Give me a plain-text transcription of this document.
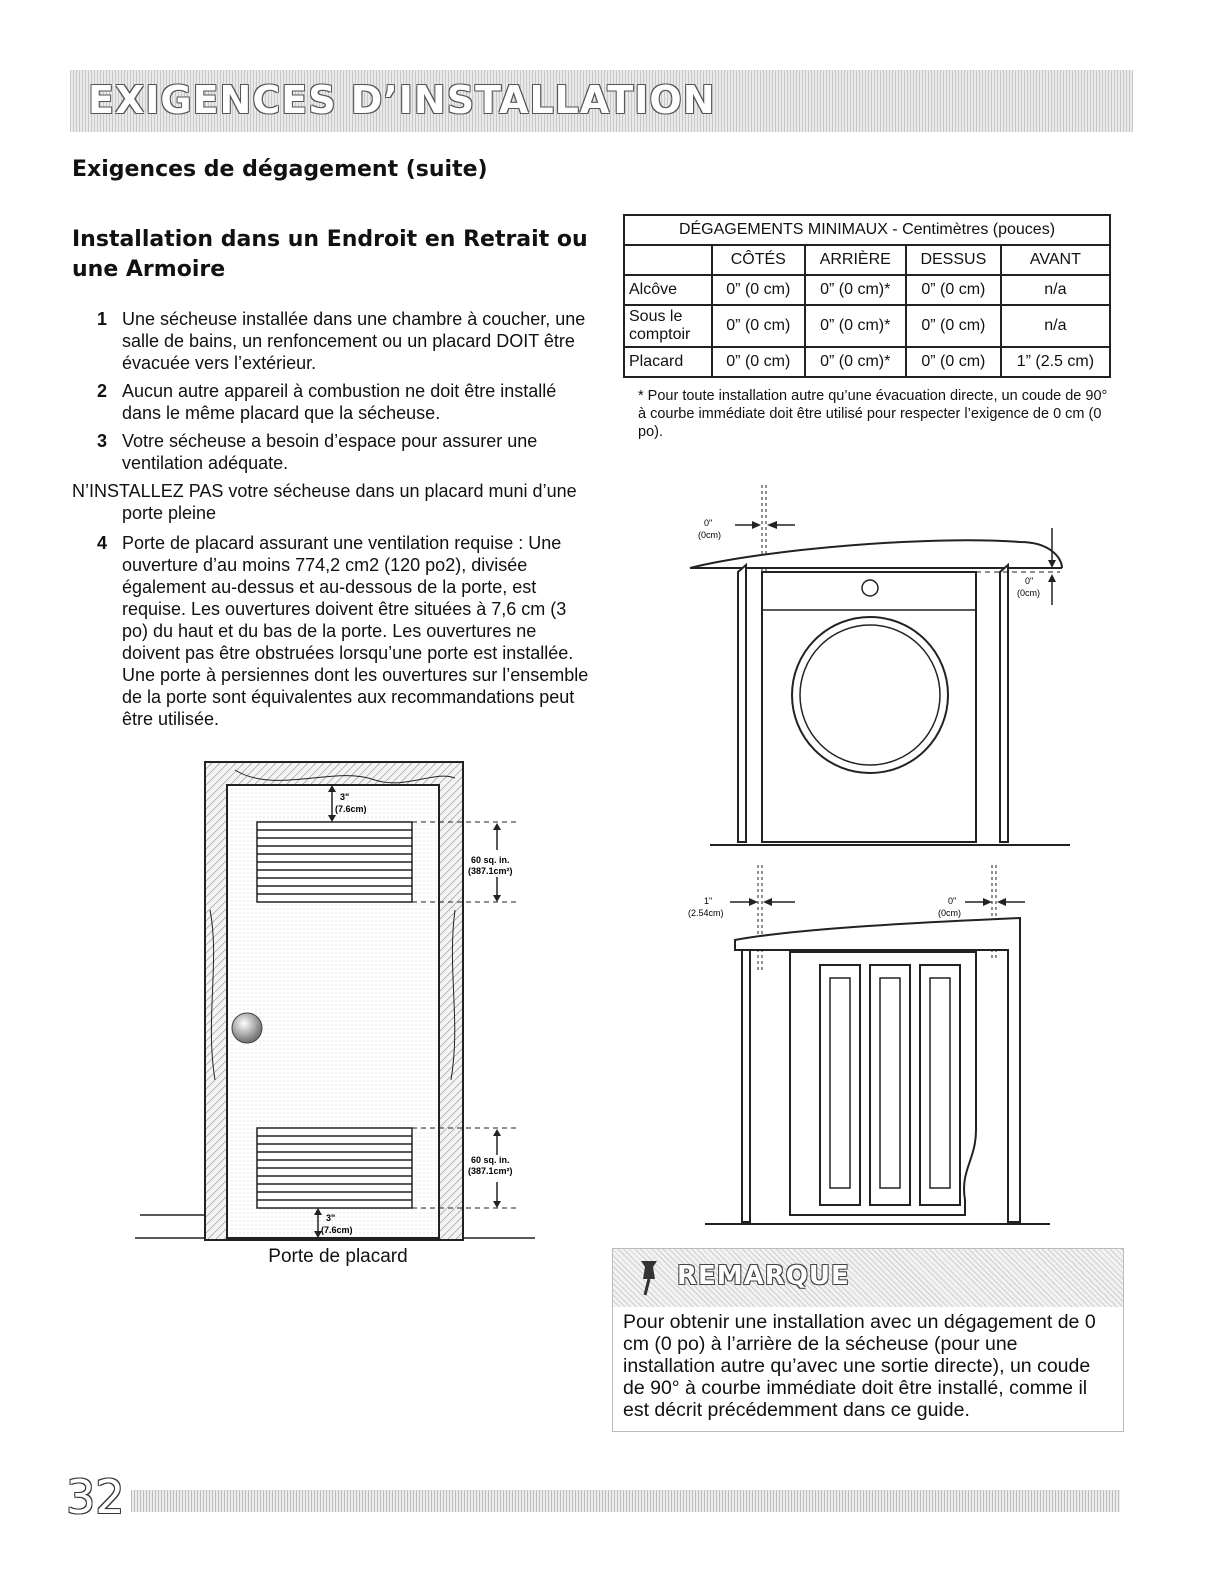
EXIGENCES D’INSTALLATION
Exigences de dégagement (suite)
Installation dans un Endroit en Retrait ou une Armoire
1 Une sécheuse installée dans une chambre à coucher, une salle de bains, un renfoncement ou un placard DOIT être évacuée vers l’extérieur.
2 Aucun autre appareil à combustion ne doit être installé dans le même placard que la sécheuse.
3 Votre sécheuse a besoin d’espace pour assurer une ventilation adéquate.
N’INSTALLEZ PAS votre sécheuse dans un placard muni d’une porte pleine
4 Porte de placard assurant une ventilation requise : Une ouverture d’au moins 774,2 cm2 (120 po2), divisée également au-dessus et au-dessous de la porte, est requise. Les ouvertures doivent être situées à 7,6 cm (3 po) du haut et du bas de la porte. Les ouvertures ne doivent pas être obstruées lorsqu’une porte est installée. Une porte à persiennes dont les ouvertures sur l’ensemble de la porte sont équivalentes aux recommandations peut être utilisée.
DÉGAGEMENTS MINIMAUX - Centimètres (pouces)				
	CÔTÉS	ARRIÈRE	DESSUS	AVANT
Alcôve	0” (0 cm)	0” (0 cm)*	0” (0 cm)	n/a
Sous le comptoir	0” (0 cm)	0” (0 cm)*	0” (0 cm)	n/a
Placard	0” (0 cm)	0” (0 cm)*	0” (0 cm)	1” (2.5 cm)
* Pour toute installation autre qu’une évacuation directe, un coude de 90° à courbe immédiate doit être utilisé pour respecter l’exigence de 0 cm (0 po).
3"
(7.6cm)
60 sq. in.
(387.1cm²)
60 sq. in.
(387.1cm²)
3"
(7.6cm)
Porte de placard
0"
(0cm)
0"
(0cm)
1"
(2.54cm)
0"
(0cm)
REMARQUE
Pour obtenir une installation avec un dégagement de 0 cm (0 po) à l’arrière de la sécheuse (pour une installation autre qu’avec une sortie directe), un coude de 90° à courbe immédiate doit être installé, comme il est décrit précédemment dans ce guide.
32
